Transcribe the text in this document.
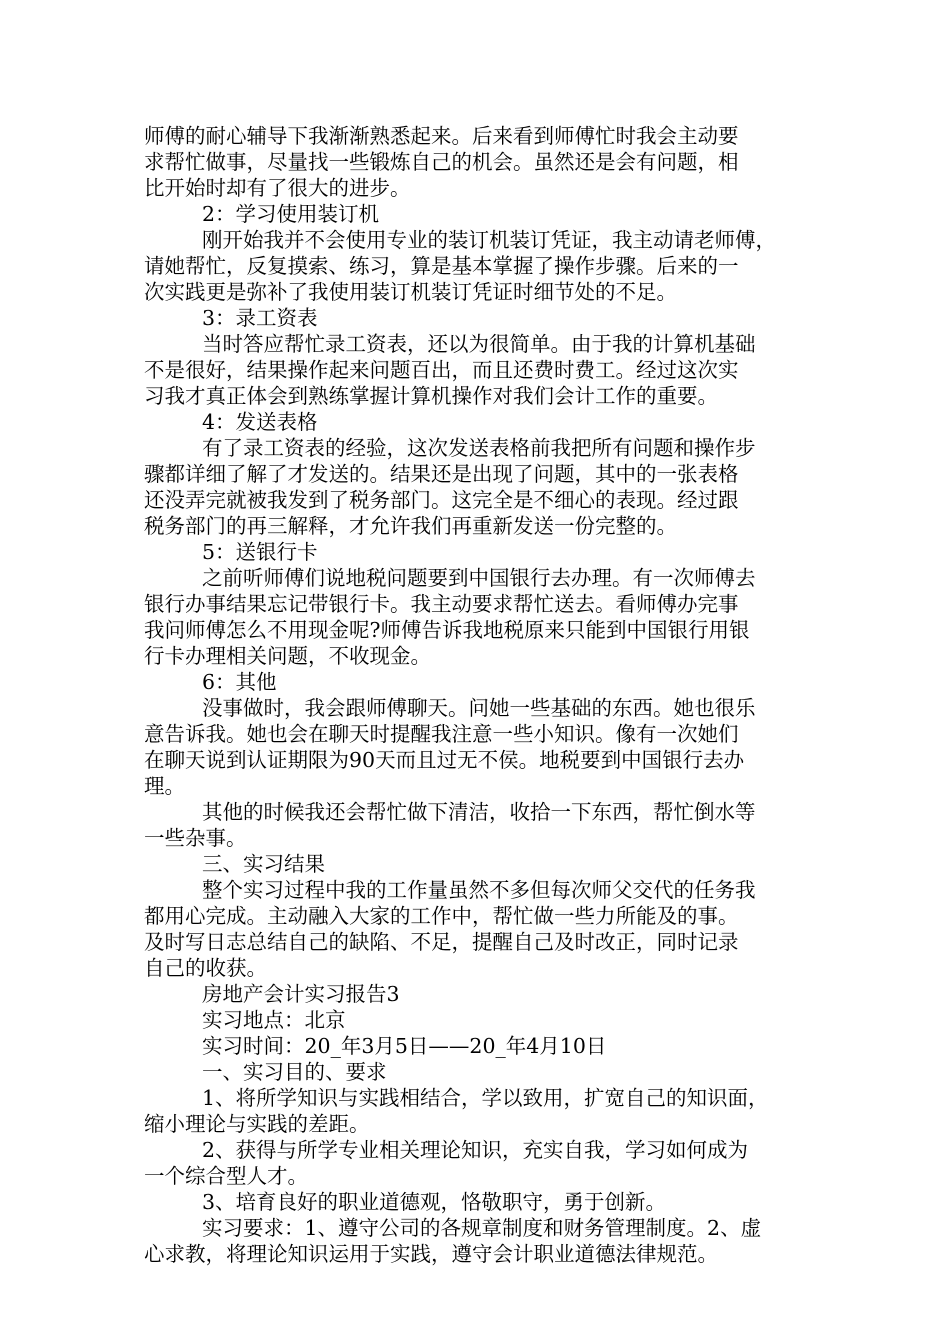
师傅的耐心辅导下我渐渐熟悉起来。后来看到师傅忙时我会主动要
求帮忙做事，尽量找一些锻炼自己的机会。虽然还是会有问题，相
比开始时却有了很大的进步。
2：学习使用装订机
刚开始我并不会使用专业的装订机装订凭证，我主动请老师傅，
请她帮忙，反复摸索、练习，算是基本掌握了操作步骤。后来的一
次实践更是弥补了我使用装订机装订凭证时细节处的不足。
3：录工资表
当时答应帮忙录工资表，还以为很简单。由于我的计算机基础
不是很好，结果操作起来问题百出，而且还费时费工。经过这次实
习我才真正体会到熟练掌握计算机操作对我们会计工作的重要。
4：发送表格
有了录工资表的经验，这次发送表格前我把所有问题和操作步
骤都详细了解了才发送的。结果还是出现了问题，其中的一张表格
还没弄完就被我发到了税务部门。这完全是不细心的表现。经过跟
税务部门的再三解释，才允许我们再重新发送一份完整的。
5：送银行卡
之前听师傅们说地税问题要到中国银行去办理。有一次师傅去
银行办事结果忘记带银行卡。我主动要求帮忙送去。看师傅办完事
我问师傅怎么不用现金呢?师傅告诉我地税原来只能到中国银行用银
行卡办理相关问题，不收现金。
6：其他
没事做时，我会跟师傅聊天。问她一些基础的东西。她也很乐
意告诉我。她也会在聊天时提醒我注意一些小知识。像有一次她们
在聊天说到认证期限为90天而且过无不侯。地税要到中国银行去办
理。
其他的时候我还会帮忙做下清洁，收拾一下东西，帮忙倒水等
一些杂事。
三、实习结果
整个实习过程中我的工作量虽然不多但每次师父交代的任务我
都用心完成。主动融入大家的工作中，帮忙做一些力所能及的事。
及时写日志总结自己的缺陷、不足，提醒自己及时改正，同时记录
自己的收获。
房地产会计实习报告3
实习地点：北京
实习时间：20_年3月5日——20_年4月10日
一、实习目的、要求
1、将所学知识与实践相结合，学以致用，扩宽自己的知识面，
缩小理论与实践的差距。
2、获得与所学专业相关理论知识，充实自我，学习如何成为
一个综合型人才。
3、培育良好的职业道德观，恪敬职守，勇于创新。
实习要求：1、遵守公司的各规章制度和财务管理制度。2、虚
心求教，将理论知识运用于实践，遵守会计职业道德法律规范。
